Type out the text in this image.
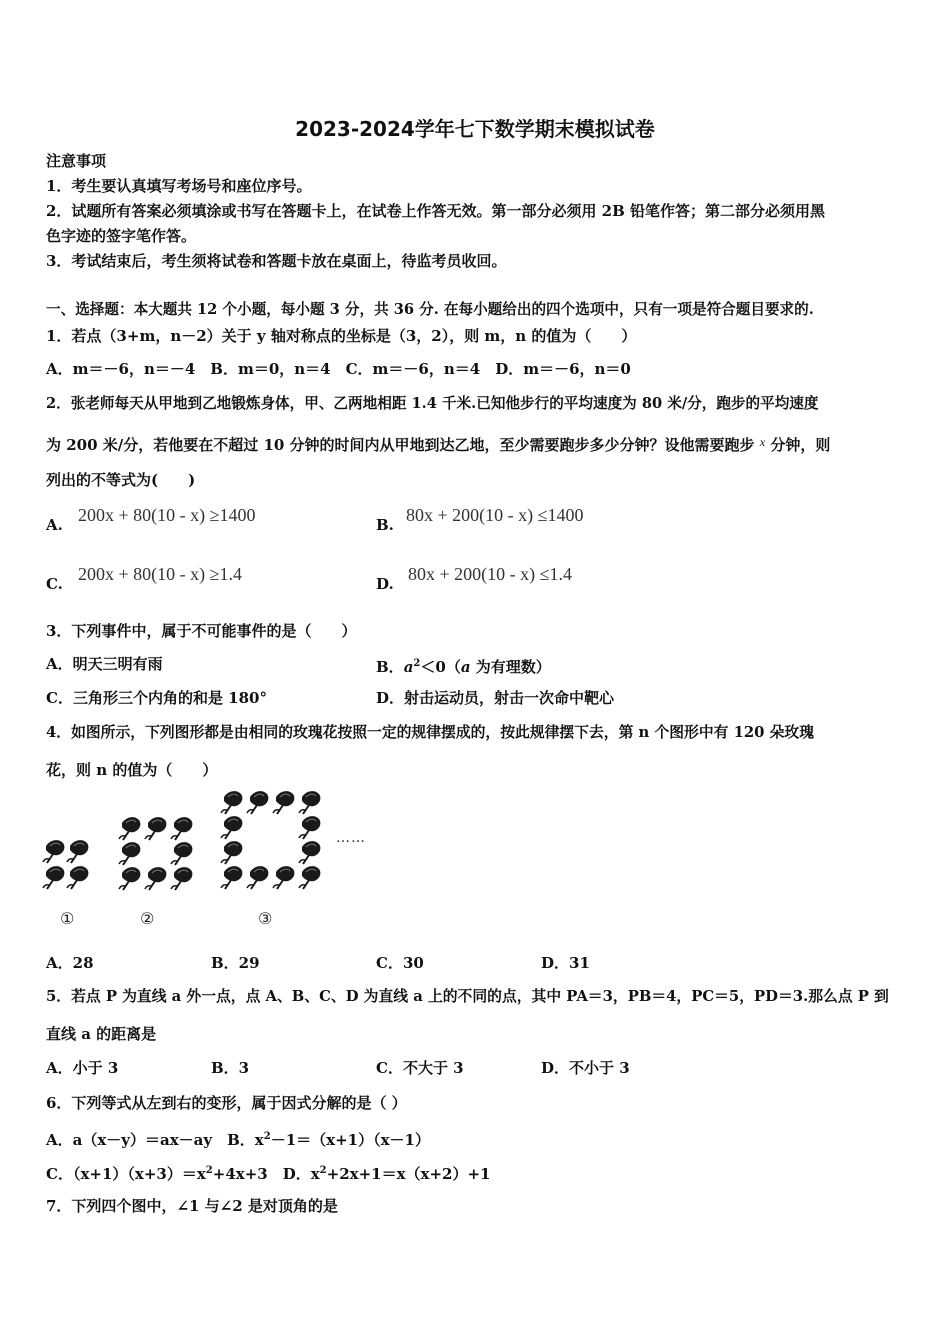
2023-2024学年七下数学期末模拟试卷
注意事项
1．考生要认真填写考场号和座位序号。
2．试题所有答案必须填涂或书写在答题卡上，在试卷上作答无效。第一部分必须用 2B 铅笔作答；第二部分必须用黑
色字迹的签字笔作答。
3．考试结束后，考生须将试卷和答题卡放在桌面上，待监考员收回。
一、选择题：本大题共 12 个小题，每小题 3 分，共 36 分. 在每小题给出的四个选项中，只有一项是符合题目要求的.
1．若点（3+m，n－2）关于 y 轴对称点的坐标是（3，2），则 m，n 的值为（　　）
A．m＝－6，n＝－4　B．m＝0，n＝4　C．m＝－6，n＝4　D．m＝－6，n＝0
2．张老师每天从甲地到乙地锻炼身体，甲、乙两地相距 1.4 千米.已知他步行的平均速度为 80 米/分，跑步的平均速度
为 200 米/分，若他要在不超过 10 分钟的时间内从甲地到达乙地，至少需要跑步多少分钟？设他需要跑步 $^x$ 分钟，则
列出的不等式为(　　)
A. 200x + 80(10 - x) ≥1400	B. 80x + 200(10 - x) ≤1400
C. 200x + 80(10 - x) ≥1.4	D. 80x + 200(10 - x) ≤1.4
3．下列事件中，属于不可能事件的是（　　）
A．明天三明有雨	B．$a^2<0(a$ 为有理数）
C．三角形三个内角的和是 180°	D．射击运动员，射击一次命中靶心
4．如图所示，下列图形都是由相同的玫瑰花按照一定的规律摆成的，按此规律摆下去，第 n 个图形中有 120 朵玫瑰
花，则 n 的值为（　　）
①	②	③
……
A．28	B．29	C．30	D．31
5．若点 P 为直线 a 外一点，点 A、B、C、D 为直线 a 上的不同的点，其中 PA＝3，PB＝4，PC＝5，PD＝3.那么点 P 到
直线 a 的距离是
A．小于 3	B．3	C．不大于 3	D．不小于 3
6．下列等式从左到右的变形，属于因式分解的是（ ）
A．a（x－y）＝ax－ay　B．$x^2-1=(x+1)(x-1)$
C．$(x+1)(x+3)=x^2+4x+3$　D．$x^2+2x+1=x(x+2)+1$
7．下列四个图中，∠1 与∠2 是对顶角的是
